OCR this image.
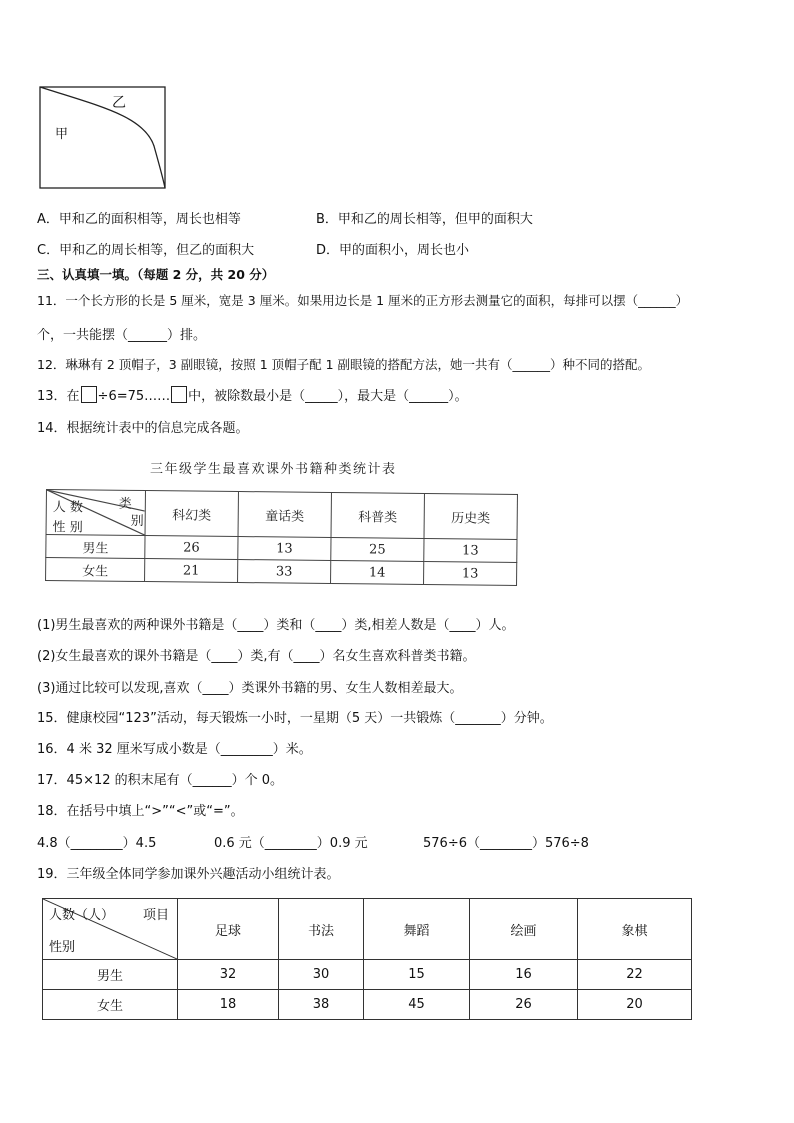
甲
乙
A．甲和乙的面积相等，周长也相等	B．甲和乙的周长相等，但甲的面积大
C．甲和乙的周长相等，但乙的面积大	D．甲的面积小，周长也小
三、认真填一填。（每题 2 分，共 20 分）
11．一个长方形的长是 5 厘米，宽是 3 厘米。如果用边长是 1 厘米的正方形去测量它的面积，每排可以摆（______）
个，一共能摆（______）排。
12．琳琳有 2 顶帽子，3 副眼镜，按照 1 顶帽子配 1 副眼镜的搭配方法，她一共有（______）种不同的搭配。
13．在 ÷6=75…… 中，被除数最小是（_____），最大是（______）。
14．根据统计表中的信息完成各题。
三年级学生最喜欢课外书籍种类统计表
类
别
人 数
性 别	科幻类	童话类	科普类	历史类
男生	26	13	25	13
女生	21	33	14	13
(1)男生最喜欢的两种课外书籍是（____）类和（____）类,相差人数是（____）人。
(2)女生最喜欢的课外书籍是（____）类,有（____）名女生喜欢科普类书籍。
(3)通过比较可以发现,喜欢（____）类课外书籍的男、女生人数相差最大。
15．健康校园“123”活动，每天锻炼一小时，一星期（5 天）一共锻炼（_______）分钟。
16．4 米 32 厘米写成小数是（________）米。
17．45×12 的积末尾有（______）个 0。
18．在括号中填上“>”“<”或“=”。
4.8（________）4.5	0.6 元（________）0.9 元	576÷6（________）576÷8
19．三年级全体同学参加课外兴趣活动小组统计表。
人数（人） 项目
性别	足球	书法	舞蹈	绘画	象棋
男生	32	30	15	16	22
女生	18	38	45	26	20
